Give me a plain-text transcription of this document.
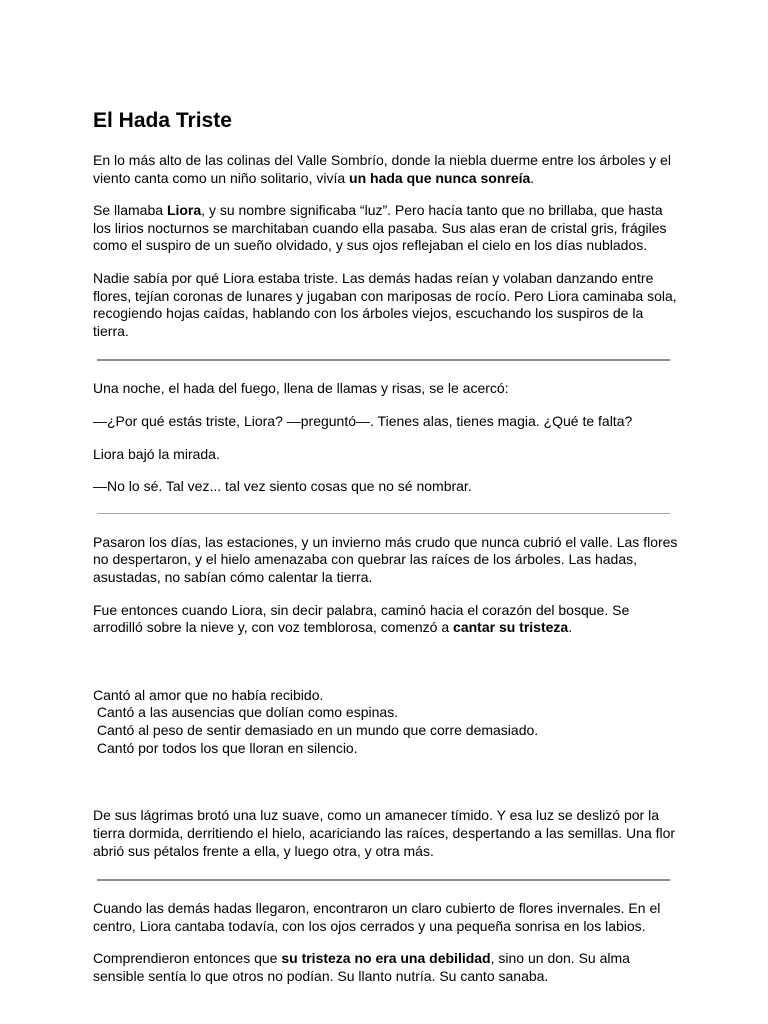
El Hada Triste

En lo más alto de las colinas del Valle Sombrío, donde la niebla duerme entre los árboles y el viento canta como un niño solitario, vivía un hada que nunca sonreía.

Se llamaba Liora, y su nombre significaba “luz”. Pero hacía tanto que no brillaba, que hasta los lirios nocturnos se marchitaban cuando ella pasaba. Sus alas eran de cristal gris, frágiles como el suspiro de un sueño olvidado, y sus ojos reflejaban el cielo en los días nublados.

Nadie sabía por qué Liora estaba triste. Las demás hadas reían y volaban danzando entre flores, tejían coronas de lunares y jugaban con mariposas de rocío. Pero Liora caminaba sola, recogiendo hojas caídas, hablando con los árboles viejos, escuchando los suspiros de la tierra.

Una noche, el hada del fuego, llena de llamas y risas, se le acercó:

—¿Por qué estás triste, Liora? —preguntó—. Tienes alas, tienes magia. ¿Qué te falta?

Liora bajó la mirada.

—No lo sé. Tal vez... tal vez siento cosas que no sé nombrar.

Pasaron los días, las estaciones, y un invierno más crudo que nunca cubrió el valle. Las flores no despertaron, y el hielo amenazaba con quebrar las raíces de los árboles. Las hadas, asustadas, no sabían cómo calentar la tierra.

Fue entonces cuando Liora, sin decir palabra, caminó hacia el corazón del bosque. Se arrodilló sobre la nieve y, con voz temblorosa, comenzó a cantar su tristeza.

Cantó al amor que no había recibido.
Cantó a las ausencias que dolían como espinas.
Cantó al peso de sentir demasiado en un mundo que corre demasiado.
Cantó por todos los que lloran en silencio.

De sus lágrimas brotó una luz suave, como un amanecer tímido. Y esa luz se deslizó por la tierra dormida, derritiendo el hielo, acariciando las raíces, despertando a las semillas. Una flor abrió sus pétalos frente a ella, y luego otra, y otra más.

Cuando las demás hadas llegaron, encontraron un claro cubierto de flores invernales. En el centro, Liora cantaba todavía, con los ojos cerrados y una pequeña sonrisa en los labios.

Comprendieron entonces que su tristeza no era una debilidad, sino un don. Su alma sensible sentía lo que otros no podían. Su llanto nutría. Su canto sanaba.
